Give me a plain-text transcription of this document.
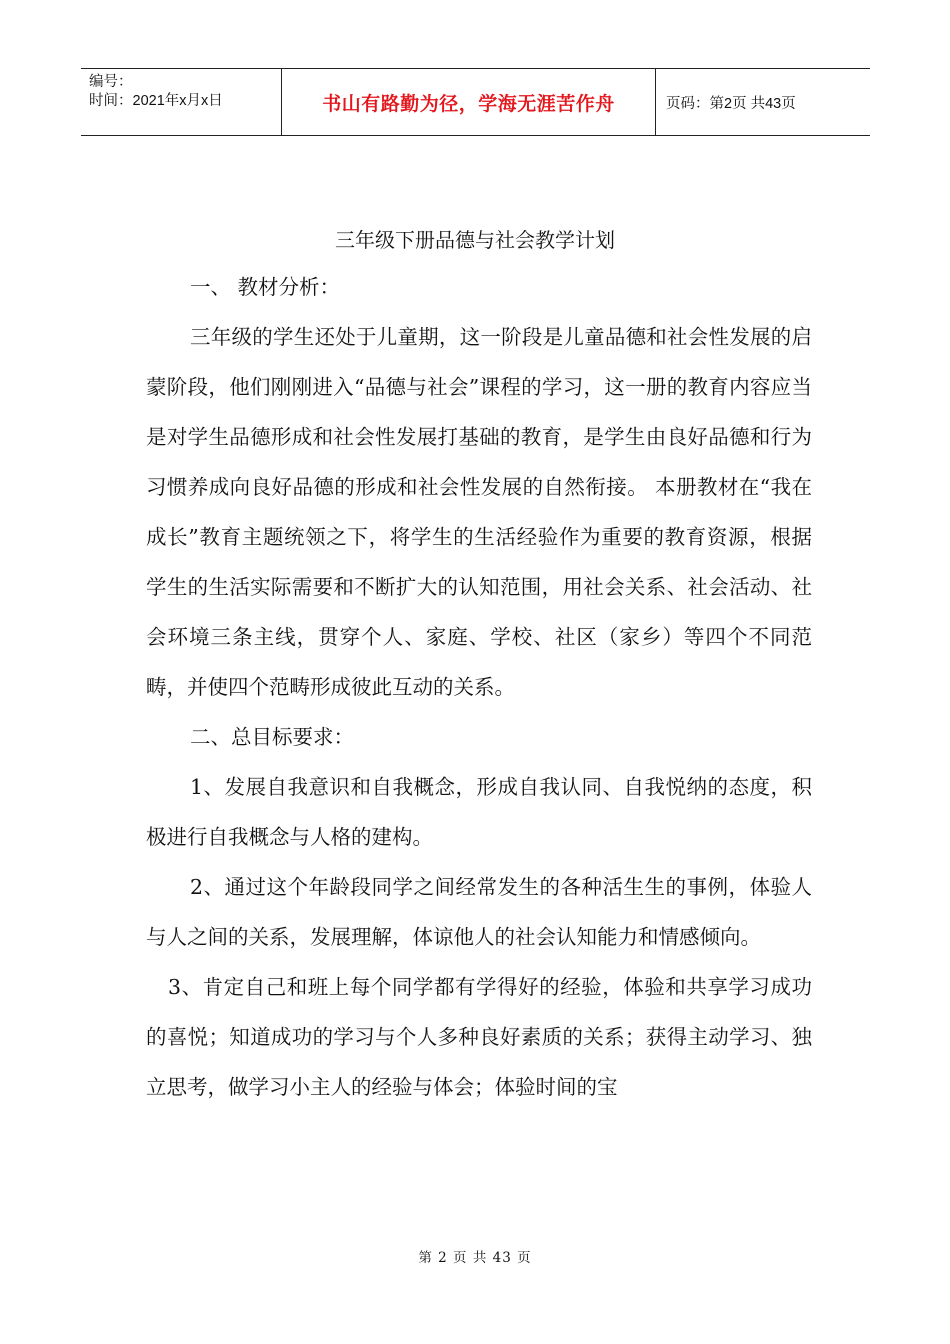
编号：
时间：2021年x月x日	书山有路勤为径，学海无涯苦作舟	页码：第2页 共43页
三年级下册品德与社会教学计划

一、 教材分析：

三年级的学生还处于儿童期，这一阶段是儿童品德和社会性发展的启蒙阶段，他们刚刚进入“品德与社会”课程的学习，这一册的教育内容应当是对学生品德形成和社会性发展打基础的教育，是学生由良好品德和行为习惯养成向良好品德的形成和社会性发展的自然衔接。 本册教材在“我在成长”教育主题统领之下，将学生的生活经验作为重要的教育资源，根据学生的生活实际需要和不断扩大的认知范围，用社会关系、社会活动、社会环境三条主线，贯穿个人、家庭、学校、社区（家乡）等四个不同范畴，并使四个范畴形成彼此互动的关系。

二、总目标要求：

1、发展自我意识和自我概念，形成自我认同、自我悦纳的态度，积极进行自我概念与人格的建构。

2、通过这个年龄段同学之间经常发生的各种活生生的事例，体验人与人之间的关系，发展理解，体谅他人的社会认知能力和情感倾向。

3、肯定自己和班上每个同学都有学得好的经验，体验和共享学习成功的喜悦；知道成功的学习与个人多种良好素质的关系；获得主动学习、独立思考，做学习小主人的经验与体会；体验时间的宝

第 2 页 共 43 页
